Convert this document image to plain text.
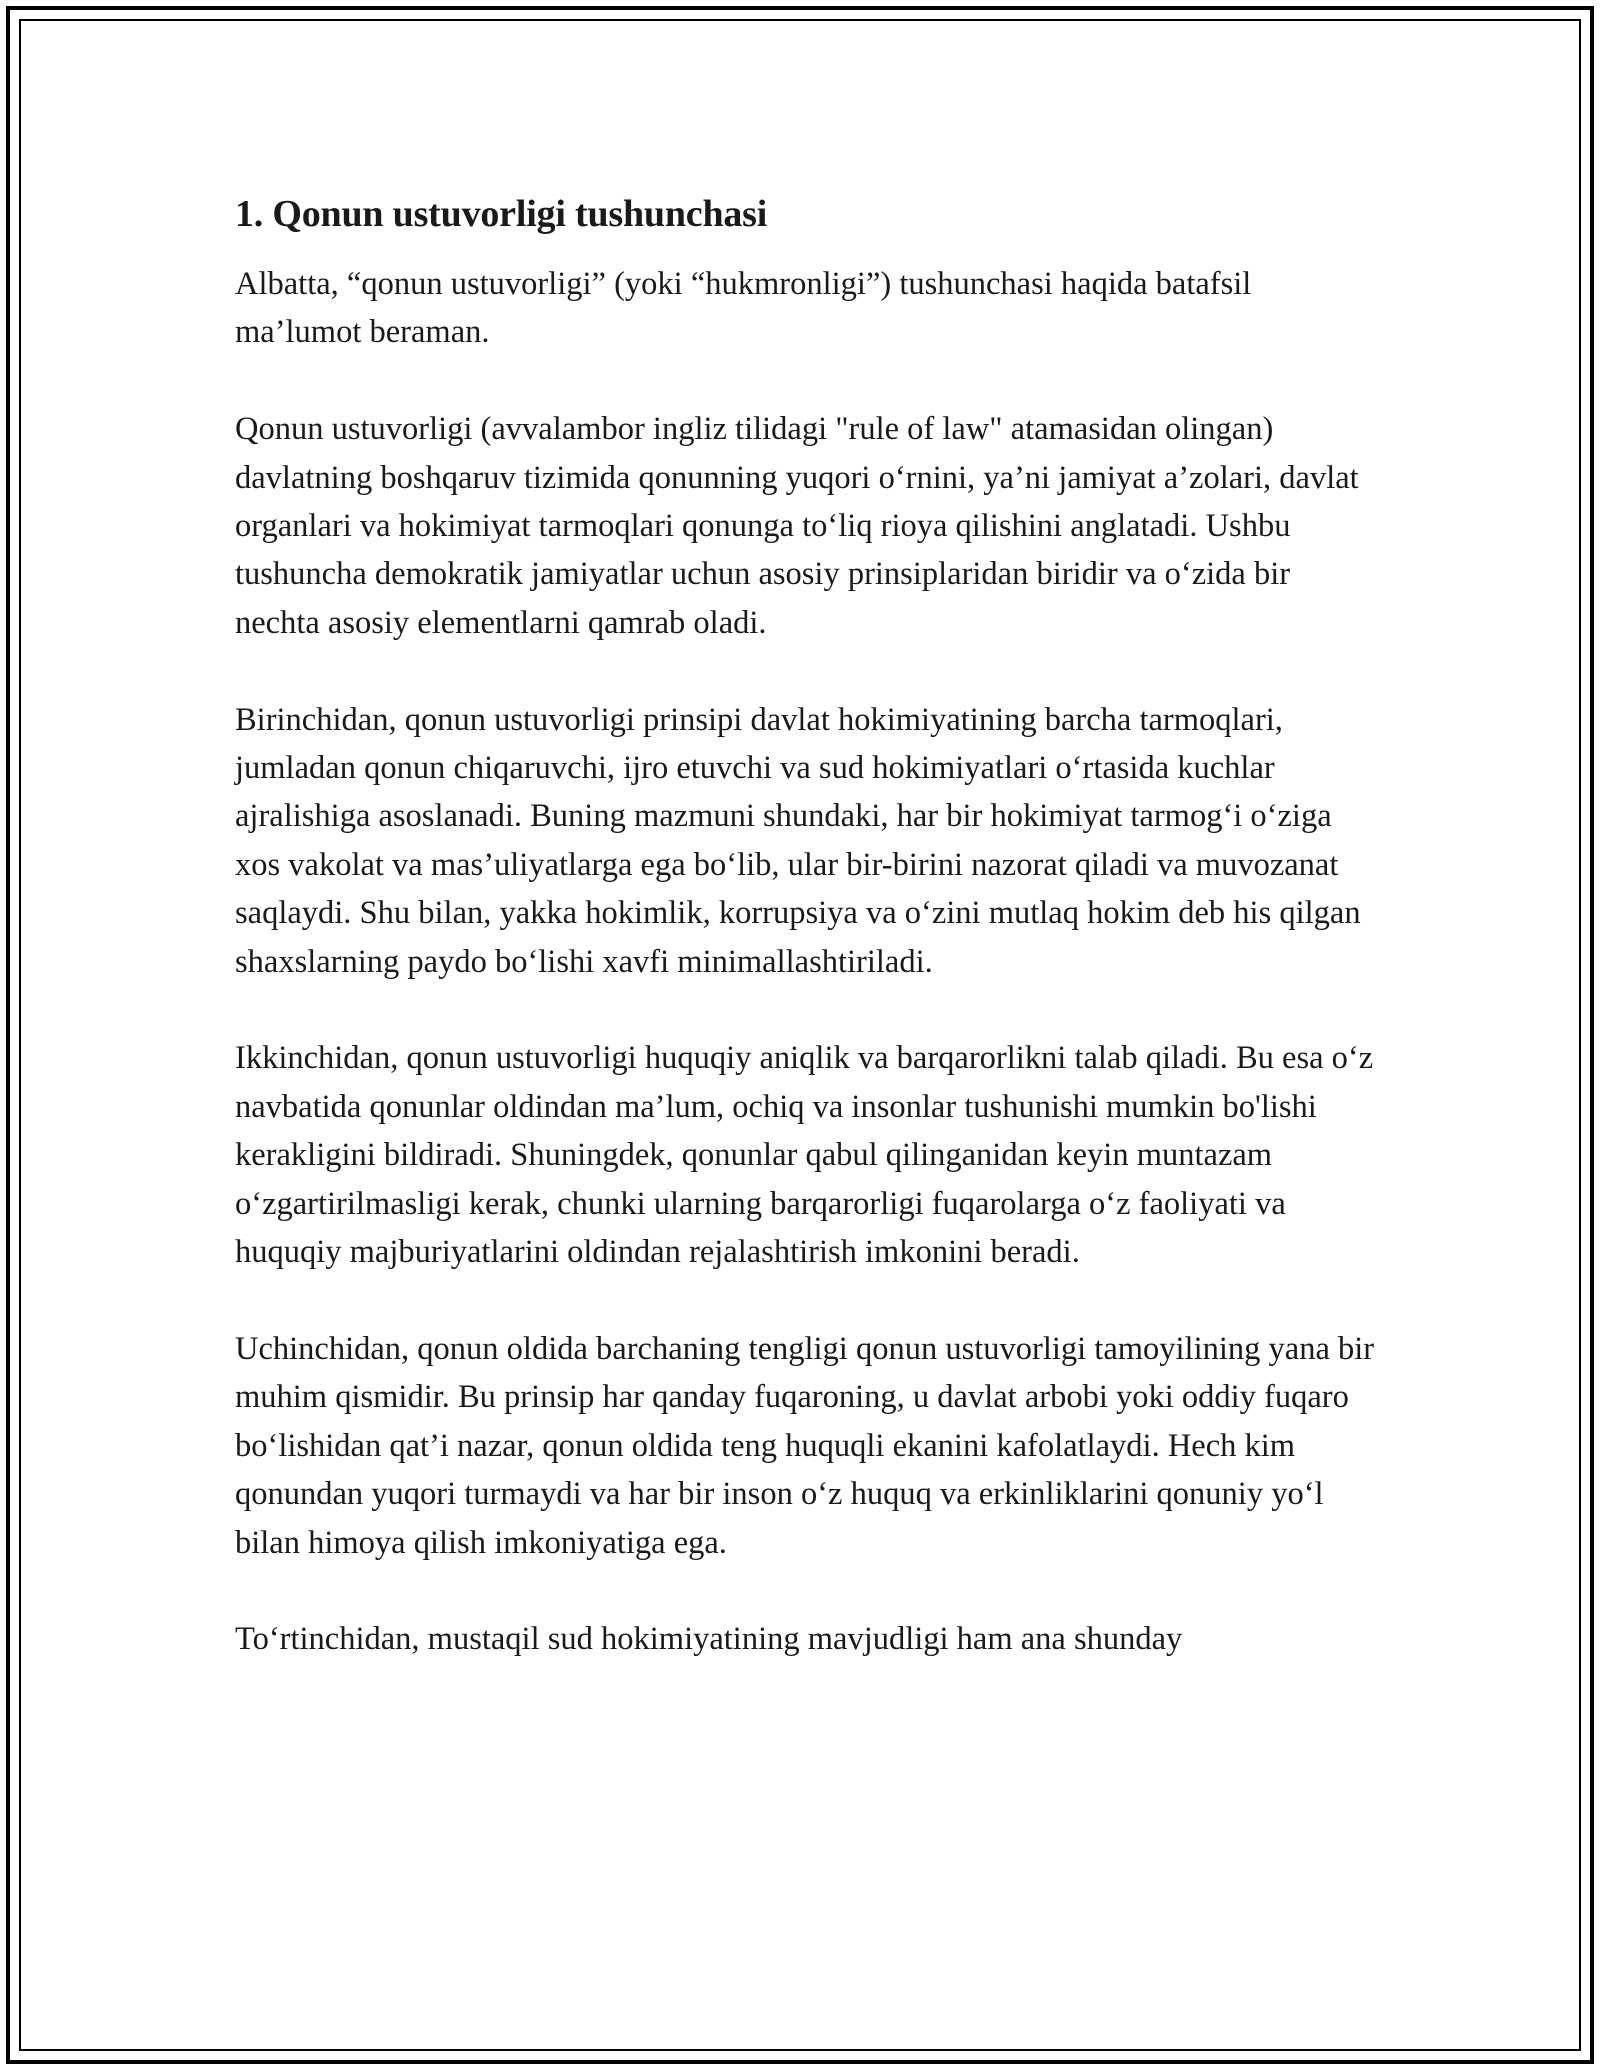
1. Qonun ustuvorligi tushunchasi

Albatta, “qonun ustuvorligi” (yoki “hukmronligi”) tushunchasi haqida batafsil ma’lumot beraman.

Qonun ustuvorligi (avvalambor ingliz tilidagi "rule of law" atamasidan olingan) davlatning boshqaruv tizimida qonunning yuqori o‘rnini, ya’ni jamiyat a’zolari, davlat organlari va hokimiyat tarmoqlari qonunga to‘liq rioya qilishini anglatadi. Ushbu tushuncha demokratik jamiyatlar uchun asosiy prinsiplaridan biridir va o‘zida bir nechta asosiy elementlarni qamrab oladi.

Birinchidan, qonun ustuvorligi prinsipi davlat hokimiyatining barcha tarmoqlari, jumladan qonun chiqaruvchi, ijro etuvchi va sud hokimiyatlari o‘rtasida kuchlar ajralishiga asoslanadi. Buning mazmuni shundaki, har bir hokimiyat tarmog‘i o‘ziga xos vakolat va mas’uliyatlarga ega bo‘lib, ular bir-birini nazorat qiladi va muvozanat saqlaydi. Shu bilan, yakka hokimlik, korrupsiya va o‘zini mutlaq hokim deb his qilgan shaxslarning paydo bo‘lishi xavfi minimallashtiriladi.

Ikkinchidan, qonun ustuvorligi huquqiy aniqlik va barqarorlikni talab qiladi. Bu esa o‘z navbatida qonunlar oldindan ma’lum, ochiq va insonlar tushunishi mumkin bo'lishi kerakligini bildiradi. Shuningdek, qonunlar qabul qilinganidan keyin muntazam o‘zgartirilmasligi kerak, chunki ularning barqarorligi fuqarolarga o‘z faoliyati va huquqiy majburiyatlarini oldindan rejalashtirish imkonini beradi.

Uchinchidan, qonun oldida barchaning tengligi qonun ustuvorligi tamoyilining yana bir muhim qismidir. Bu prinsip har qanday fuqaroning, u davlat arbobi yoki oddiy fuqaro bo‘lishidan qat’i nazar, qonun oldida teng huquqli ekanini kafolatlaydi. Hech kim qonundan yuqori turmaydi va har bir inson o‘z huquq va erkinliklarini qonuniy yo‘l bilan himoya qilish imkoniyatiga ega.

To‘rtinchidan, mustaqil sud hokimiyatining mavjudligi ham ana shunday
